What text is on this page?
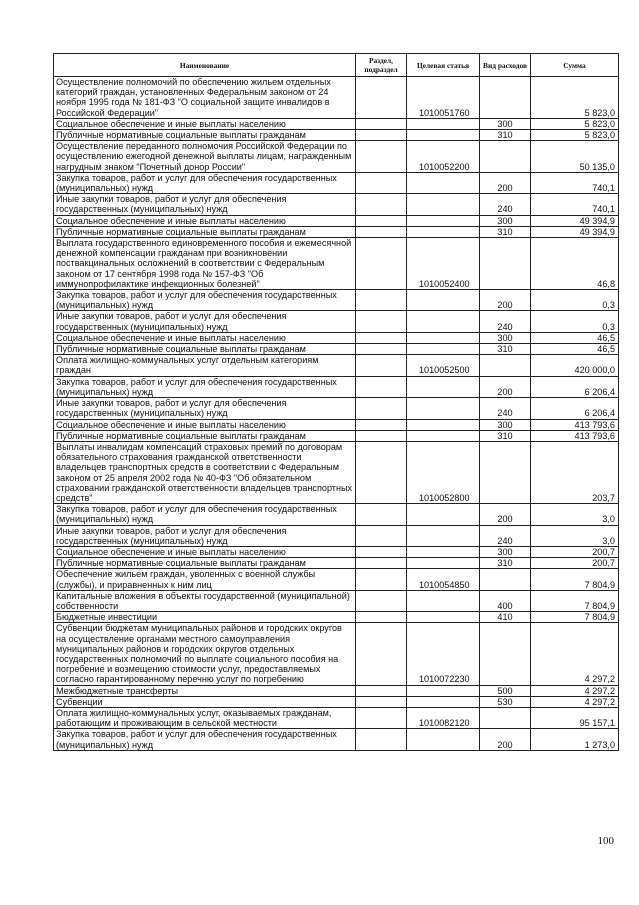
Наименование	Раздел, подраздел	Целевая статья	Вид расходов	Сумма
Осуществление полномочий по обеспечению жильем отдельных категорий граждан, установленных Федеральным законом от 24 ноября 1995 года № 181-ФЗ "О социальной защите инвалидов в Российской Федерации"		1010051760		5 823,0
Социальное обеспечение и иные выплаты населению			300	5 823,0
Публичные нормативные социальные выплаты гражданам			310	5 823,0
Осуществление переданного полномочия Российской Федерации по осуществлению ежегодной денежной выплаты лицам, награжденным нагрудным знаком "Почетный донор России"		1010052200		50 135,0
Закупка товаров, работ и услуг для обеспечения государственных (муниципальных) нужд			200	740,1
Иные закупки товаров, работ и услуг для обеспечения государственных (муниципальных) нужд			240	740,1
Социальное обеспечение и иные выплаты населению			300	49 394,9
Публичные нормативные социальные выплаты гражданам			310	49 394,9
Выплата государственного единовременного пособия и ежемесячной денежной компенсации гражданам при возникновении поствакцинальных осложнений в соответствии с Федеральным законом от 17 сентября 1998 года № 157-ФЗ "Об иммунопрофилактике инфекционных болезней"		1010052400		46,8
Закупка товаров, работ и услуг для обеспечения государственных (муниципальных) нужд			200	0,3
Иные закупки товаров, работ и услуг для обеспечения государственных (муниципальных) нужд			240	0,3
Социальное обеспечение и иные выплаты населению			300	46,5
Публичные нормативные социальные выплаты гражданам			310	46,5
Оплата жилищно-коммунальных услуг отдельным категориям граждан		1010052500		420 000,0
Закупка товаров, работ и услуг для обеспечения государственных (муниципальных) нужд			200	6 206,4
Иные закупки товаров, работ и услуг для обеспечения государственных (муниципальных) нужд			240	6 206,4
Социальное обеспечение и иные выплаты населению			300	413 793,6
Публичные нормативные социальные выплаты гражданам			310	413 793,6
Выплаты инвалидам компенсаций страховых премий по договорам обязательного страхования гражданской ответственности владельцев транспортных средств в соответствии с Федеральным законом от 25 апреля 2002 года № 40-ФЗ "Об обязательном страховании гражданской ответственности владельцев транспортных средств"		1010052800		203,7
Закупка товаров, работ и услуг для обеспечения государственных (муниципальных) нужд			200	3,0
Иные закупки товаров, работ и услуг для обеспечения государственных (муниципальных) нужд			240	3,0
Социальное обеспечение и иные выплаты населению			300	200,7
Публичные нормативные социальные выплаты гражданам			310	200,7
Обеспечение жильем граждан, уволенных с военной службы (службы), и приравненных к ним лиц		1010054850		7 804,9
Капитальные вложения в объекты государственной (муниципальной) собственности			400	7 804,9
Бюджетные инвестиции			410	7 804,9
Субвенции бюджетам муниципальных районов и городских округов на осуществление органами местного самоуправления муниципальных районов и городских округов отдельных государственных полномочий по выплате социального пособия на погребение и возмещению стоимости услуг, предоставляемых согласно гарантированному перечню услуг по погребению		1010072230		4 297,2
Межбюджетные трансферты			500	4 297,2
Субвенции			530	4 297,2
Оплата жилищно-коммунальных услуг, оказываемых гражданам, работающим и проживающим в сельской местности		1010082120		95 157,1
Закупка товаров, работ и услуг для обеспечения государственных (муниципальных) нужд			200	1 273,0
100
